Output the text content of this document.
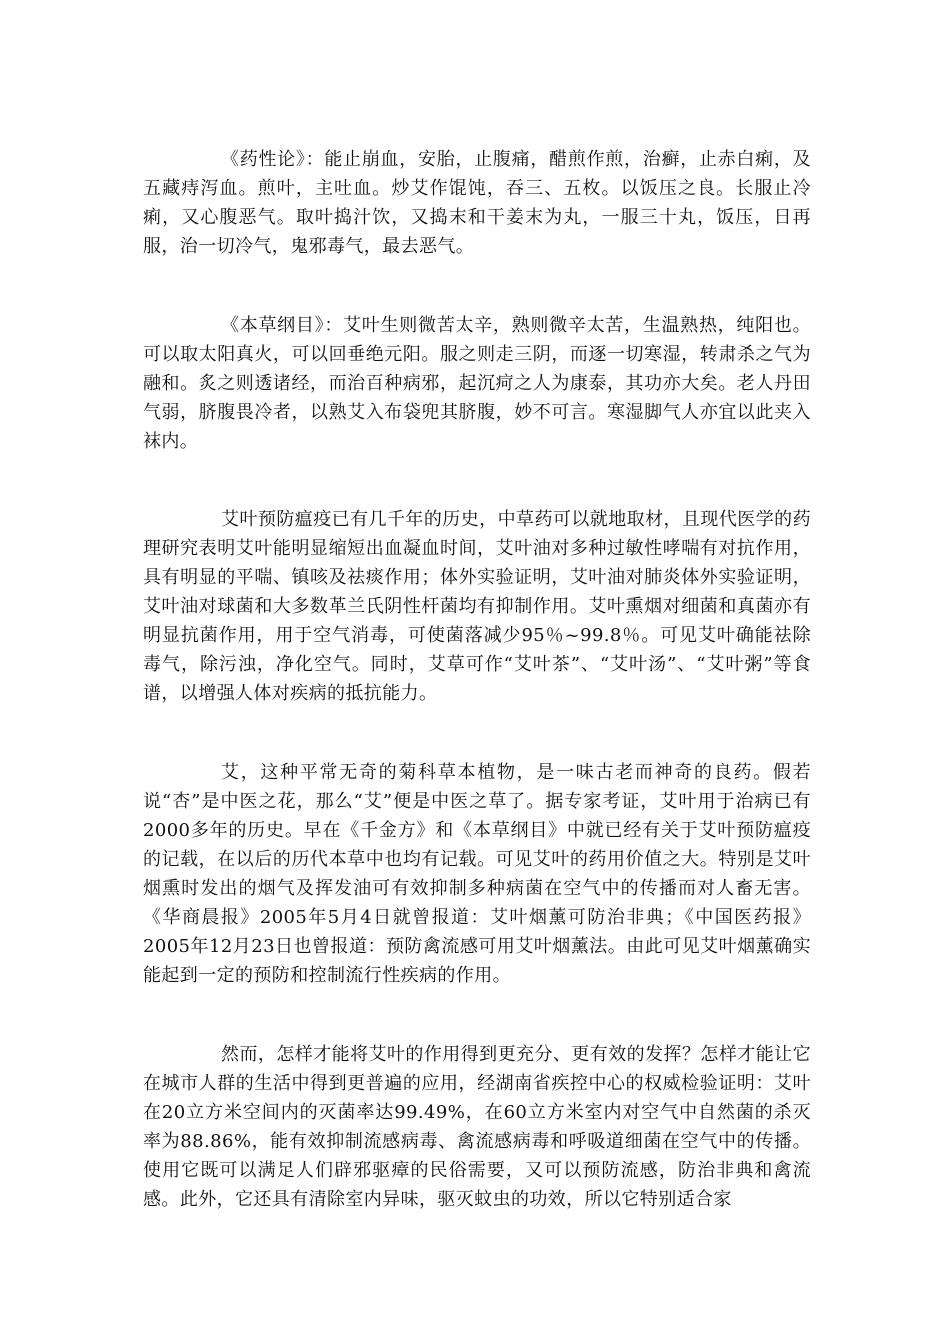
《药性论》：能止崩血，安胎，止腹痛，醋煎作煎，治癣，止赤白痢，及五藏痔泻血。煎叶，主吐血。炒艾作馄饨，吞三、五枚。以饭压之良。长服止冷痢，又心腹恶气。取叶捣汁饮，又捣末和干姜末为丸，一服三十丸，饭压，日再服，治一切冷气，鬼邪毒气，最去恶气。

《本草纲目》：艾叶生则微苦太辛，熟则微辛太苦，生温熟热，纯阳也。可以取太阳真火，可以回垂绝元阳。服之则走三阴，而逐一切寒湿，转肃杀之气为融和。炙之则透诸经，而治百种病邪，起沉疴之人为康泰，其功亦大矣。老人丹田气弱，脐腹畏冷者，以熟艾入布袋兜其脐腹，妙不可言。寒湿脚气人亦宜以此夹入袜内。

艾叶预防瘟疫已有几千年的历史，中草药可以就地取材，且现代医学的药理研究表明艾叶能明显缩短出血凝血时间，艾叶油对多种过敏性哮喘有对抗作用，具有明显的平喘、镇咳及祛痰作用；体外实验证明，艾叶油对肺炎体外实验证明，艾叶油对球菌和大多数革兰氏阴性杆菌均有抑制作用。艾叶熏烟对细菌和真菌亦有明显抗菌作用，用于空气消毒，可使菌落减少95％~99.8％。可见艾叶确能祛除毒气，除污浊，净化空气。同时，艾草可作“艾叶茶”、“艾叶汤”、“艾叶粥”等食谱，以增强人体对疾病的抵抗能力。

艾，这种平常无奇的菊科草本植物，是一味古老而神奇的良药。假若说“杏”是中医之花，那么“艾”便是中医之草了。据专家考证，艾叶用于治病已有2000多年的历史。早在《千金方》和《本草纲目》中就已经有关于艾叶预防瘟疫的记载，在以后的历代本草中也均有记载。可见艾叶的药用价值之大。特别是艾叶烟熏时发出的烟气及挥发油可有效抑制多种病菌在空气中的传播而对人畜无害。《华商晨报》2005年5月4日就曾报道：艾叶烟薰可防治非典；《中国医药报》2005年12月23日也曾报道：预防禽流感可用艾叶烟薰法。由此可见艾叶烟薰确实能起到一定的预防和控制流行性疾病的作用。

然而，怎样才能将艾叶的作用得到更充分、更有效的发挥？怎样才能让它在城市人群的生活中得到更普遍的应用，经湖南省疾控中心的权威检验证明：艾叶在20立方米空间内的灭菌率达99.49%，在60立方米室内对空气中自然菌的杀灭率为88.86%，能有效抑制流感病毒、禽流感病毒和呼吸道细菌在空气中的传播。使用它既可以满足人们辟邪驱瘴的民俗需要，又可以预防流感，防治非典和禽流感。此外，它还具有清除室内异味，驱灭蚊虫的功效，所以它特别适合家
